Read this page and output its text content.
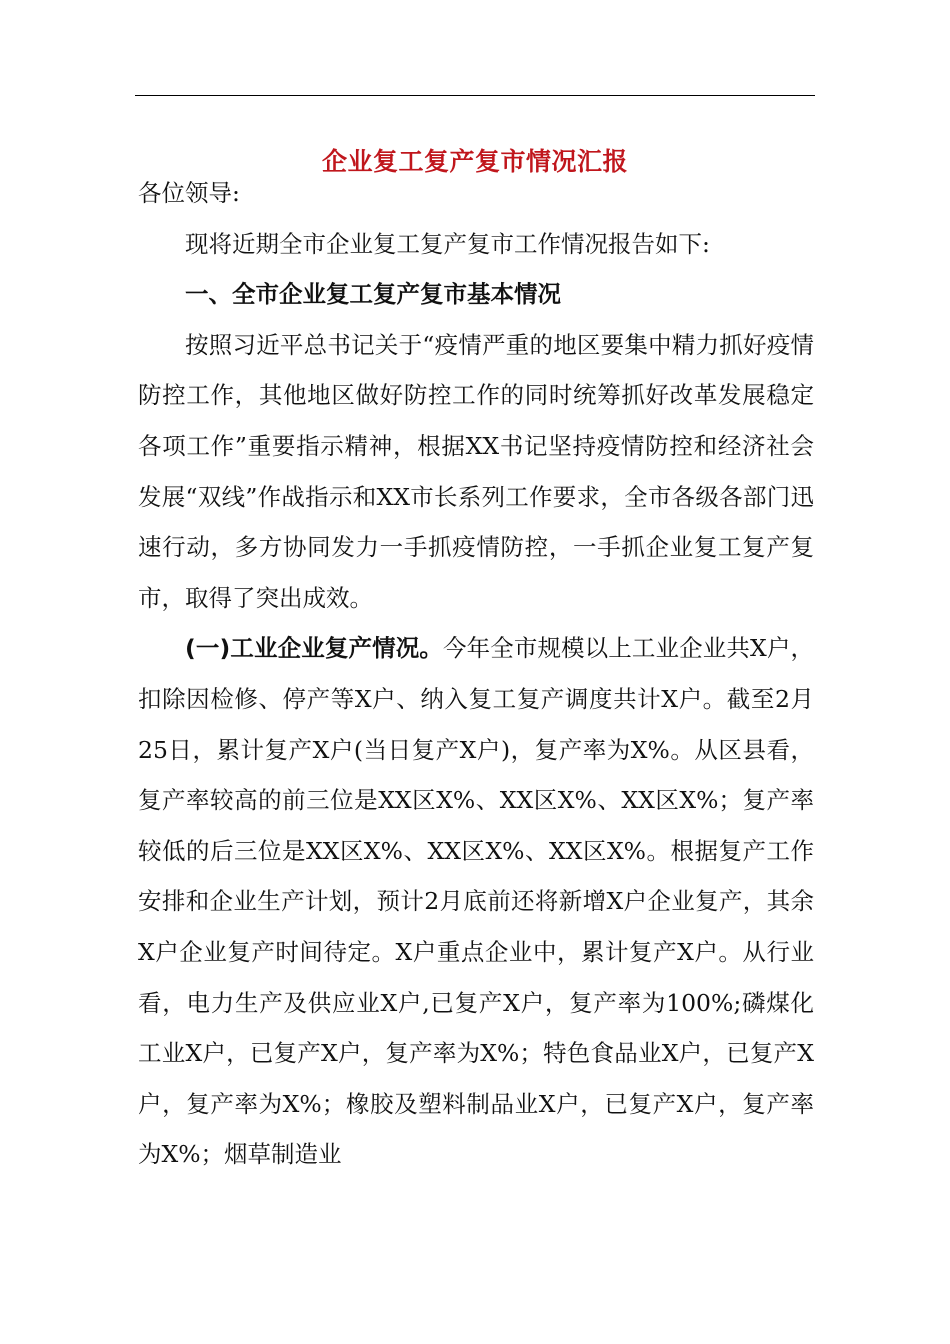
企业复工复产复市情况汇报

各位领导:

现将近期全市企业复工复产复市工作情况报告如下:

一、全市企业复工复产复市基本情况

按照习近平总书记关于“疫情严重的地区要集中精力抓好疫情防控工作，其他地区做好防控工作的同时统筹抓好改革发展稳定各项工作”重要指示精神，根据XX书记坚持疫情防控和经济社会发展“双线”作战指示和XX市长系列工作要求，全市各级各部门迅速行动，多方协同发力一手抓疫情防控，一手抓企业复工复产复市，取得了突出成效。

(一)工业企业复产情况。今年全市规模以上工业企业共X户，扣除因检修、停产等X户、纳入复工复产调度共计X户。截至2月25日，累计复产X户(当日复产X户)，复产率为X%。从区县看，复产率较高的前三位是XX区X%、XX区X%、XX区X%；复产率较低的后三位是XX区X%、XX区X%、XX区X%。根据复产工作安排和企业生产计划，预计2月底前还将新增X户企业复产，其余X户企业复产时间待定。X户重点企业中，累计复产X户。从行业看，电力生产及供应业X户,已复产X户，复产率为100%;磷煤化工业X户，已复产X户，复产率为X%；特色食品业X户，已复产X户，复产率为X%；橡胶及塑料制品业X户，已复产X户，复产率为X%；烟草制造业
